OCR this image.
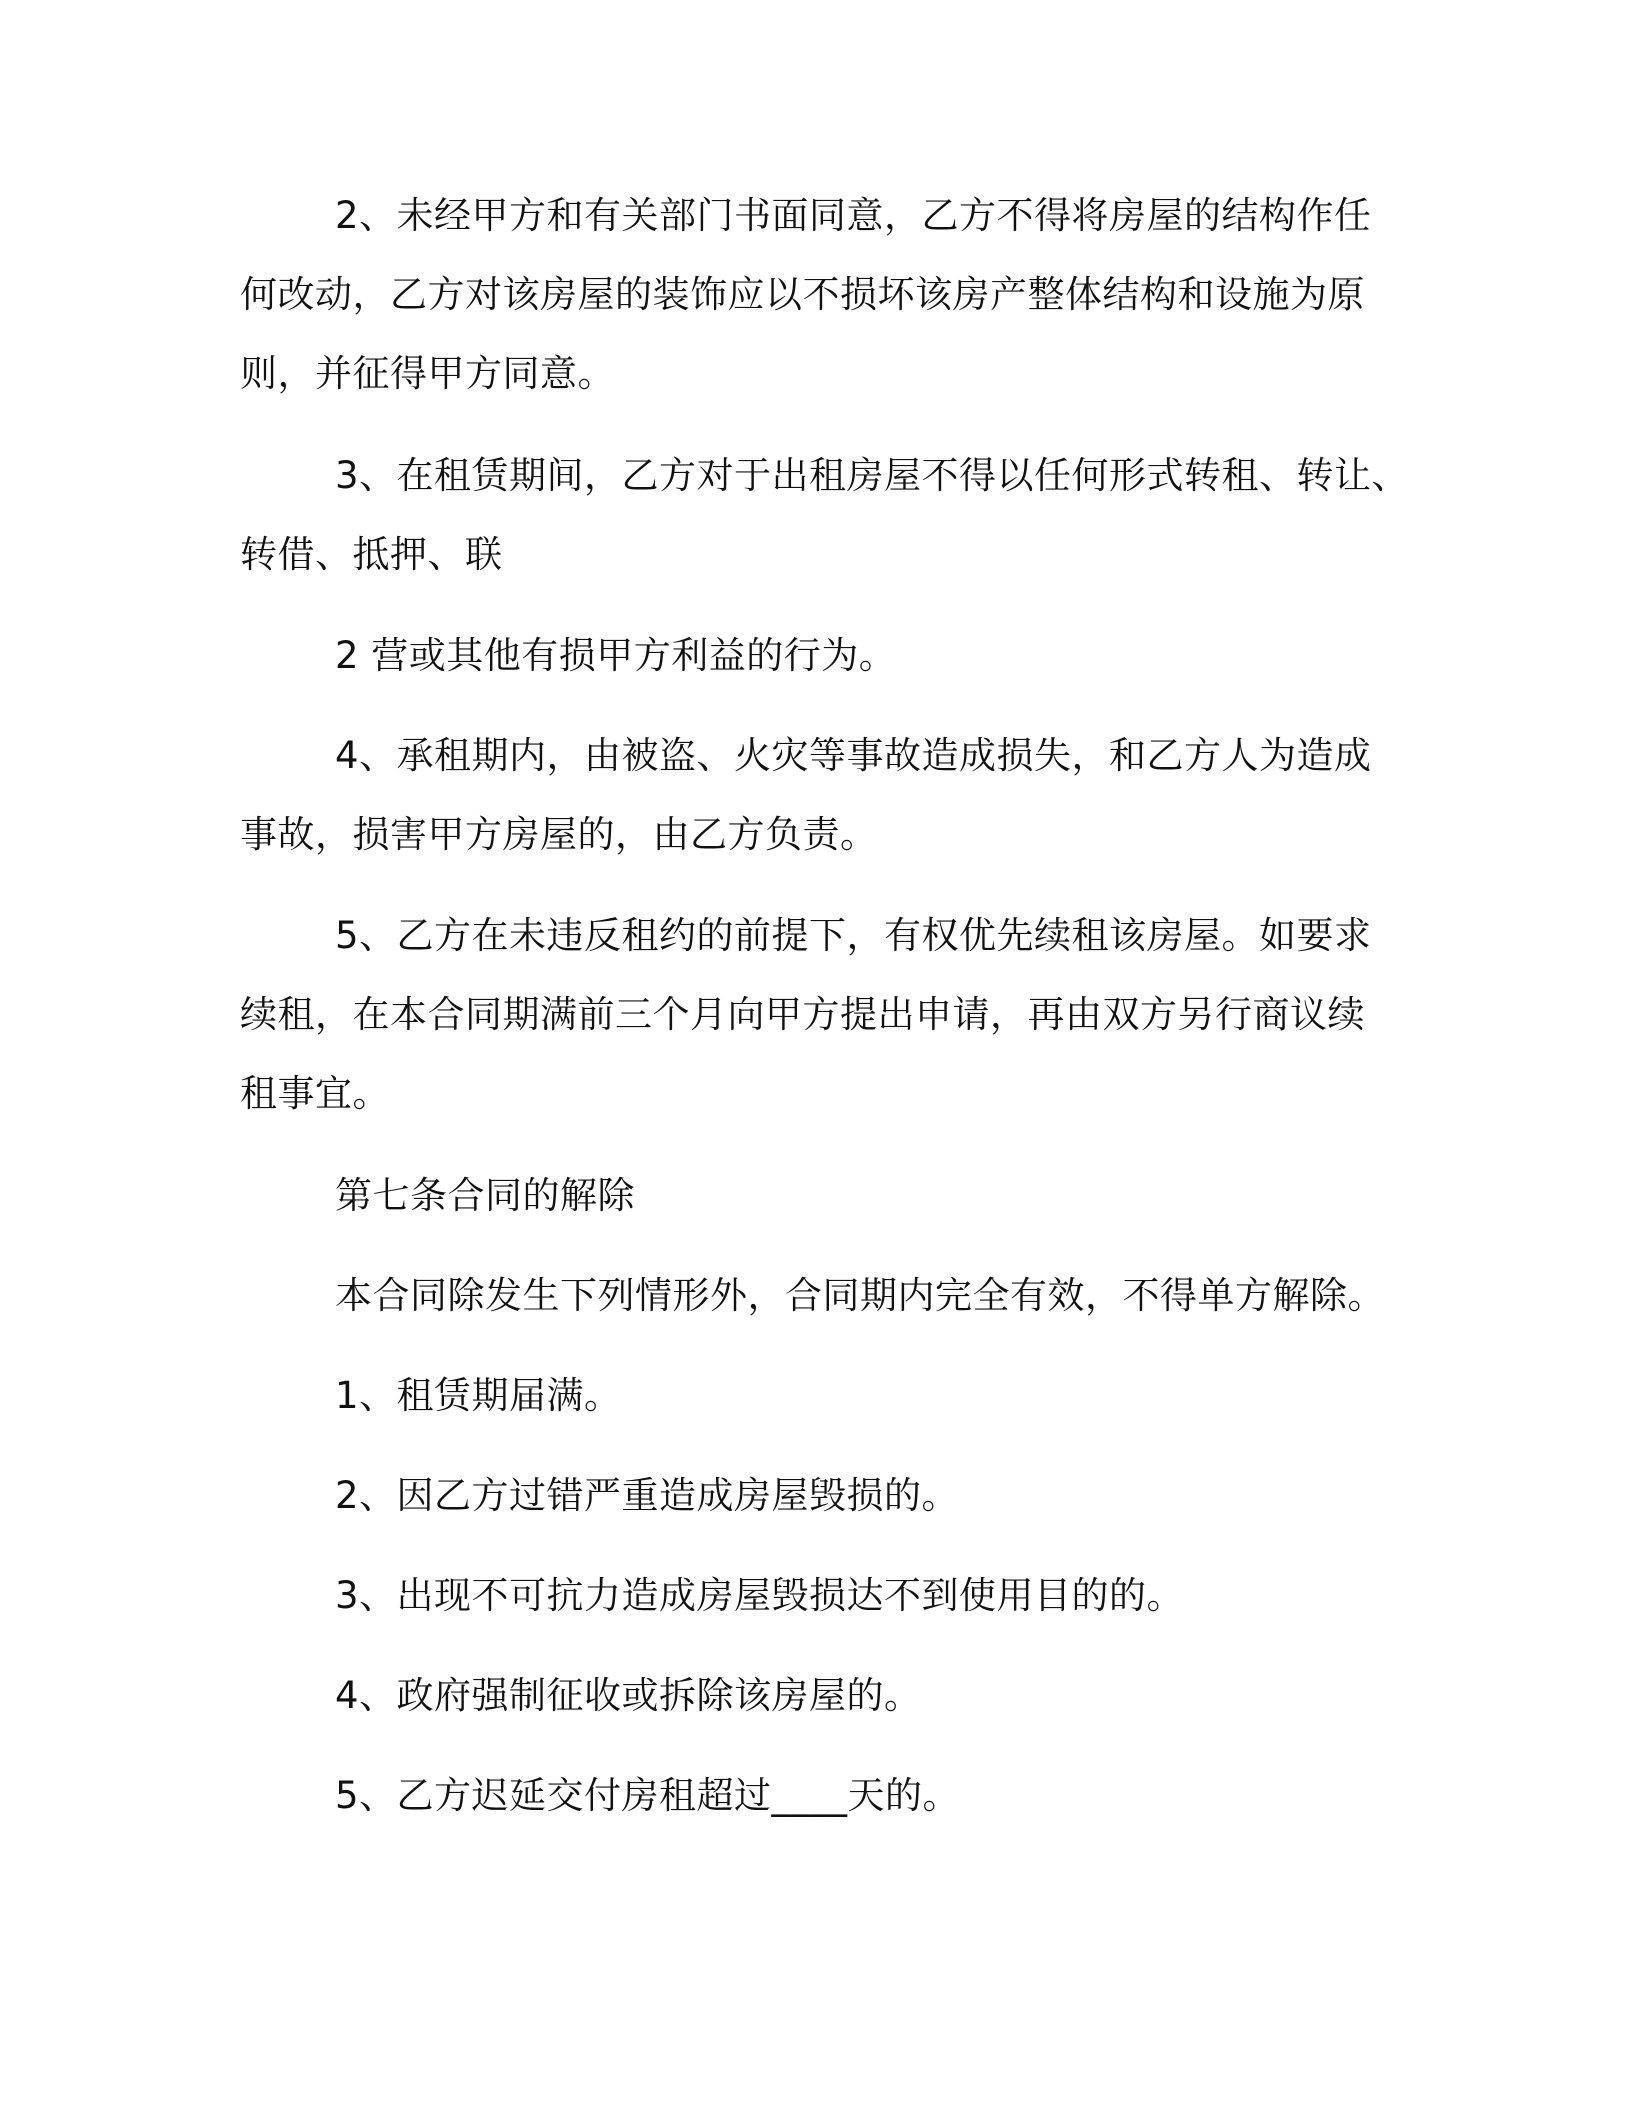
2、未经甲方和有关部门书面同意，乙方不得将房屋的结构作任
何改动，乙方对该房屋的装饰应以不损坏该房产整体结构和设施为原
则，并征得甲方同意。
3、在租赁期间，乙方对于出租房屋不得以任何形式转租、转让、
转借、抵押、联
2 营或其他有损甲方利益的行为。
4、承租期内，由被盗、火灾等事故造成损失，和乙方人为造成
事故，损害甲方房屋的，由乙方负责。
5、乙方在未违反租约的前提下，有权优先续租该房屋。如要求
续租，在本合同期满前三个月向甲方提出申请，再由双方另行商议续
租事宜。
第七条合同的解除
本合同除发生下列情形外，合同期内完全有效，不得单方解除。
1、租赁期届满。
2、因乙方过错严重造成房屋毁损的。
3、出现不可抗力造成房屋毁损达不到使用目的的。
4、政府强制征收或拆除该房屋的。
5、乙方迟延交付房租超过____天的。
